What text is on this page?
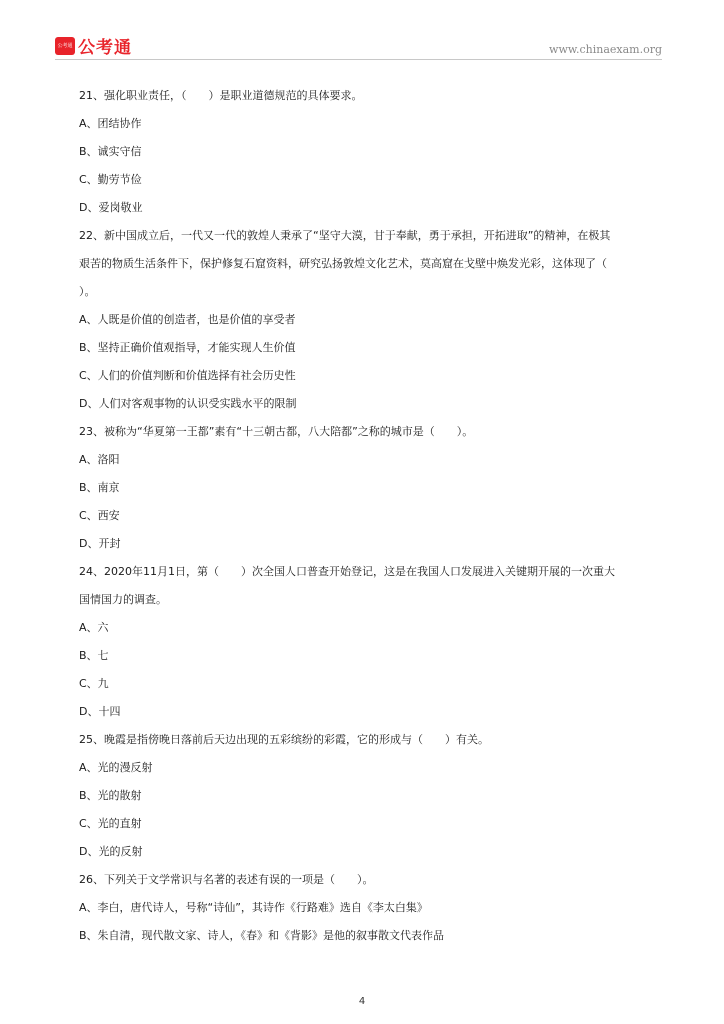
公考通 公考通	www.chinaexam.org

21、强化职业责任，（　　）是职业道德规范的具体要求。

A、团结协作

B、诚实守信

C、勤劳节俭

D、爱岗敬业

22、新中国成立后，一代又一代的敦煌人秉承了“坚守大漠，甘于奉献，勇于承担，开拓进取”的精神，在极其
艰苦的物质生活条件下，保护修复石窟资料，研究弘扬敦煌文化艺术，莫高窟在戈壁中焕发光彩，这体现了（
）。

A、人既是价值的创造者，也是价值的享受者

B、坚持正确价值观指导，才能实现人生价值

C、人们的价值判断和价值选择有社会历史性

D、人们对客观事物的认识受实践水平的限制

23、被称为“华夏第一王都”素有“十三朝古都，八大陪都”之称的城市是（　　）。

A、洛阳

B、南京

C、西安

D、开封

24、2020年11月1日，第（　　）次全国人口普查开始登记，这是在我国人口发展进入关键期开展的一次重大
国情国力的调查。

A、六

B、七

C、九

D、十四

25、晚霞是指傍晚日落前后天边出现的五彩缤纷的彩霞，它的形成与（　　）有关。

A、光的漫反射

B、光的散射

C、光的直射

D、光的反射

26、下列关于文学常识与名著的表述有误的一项是（　　）。

A、李白，唐代诗人，号称“诗仙”，其诗作《行路难》选自《李太白集》

B、朱自清，现代散文家、诗人，《春》和《背影》是他的叙事散文代表作品

4
